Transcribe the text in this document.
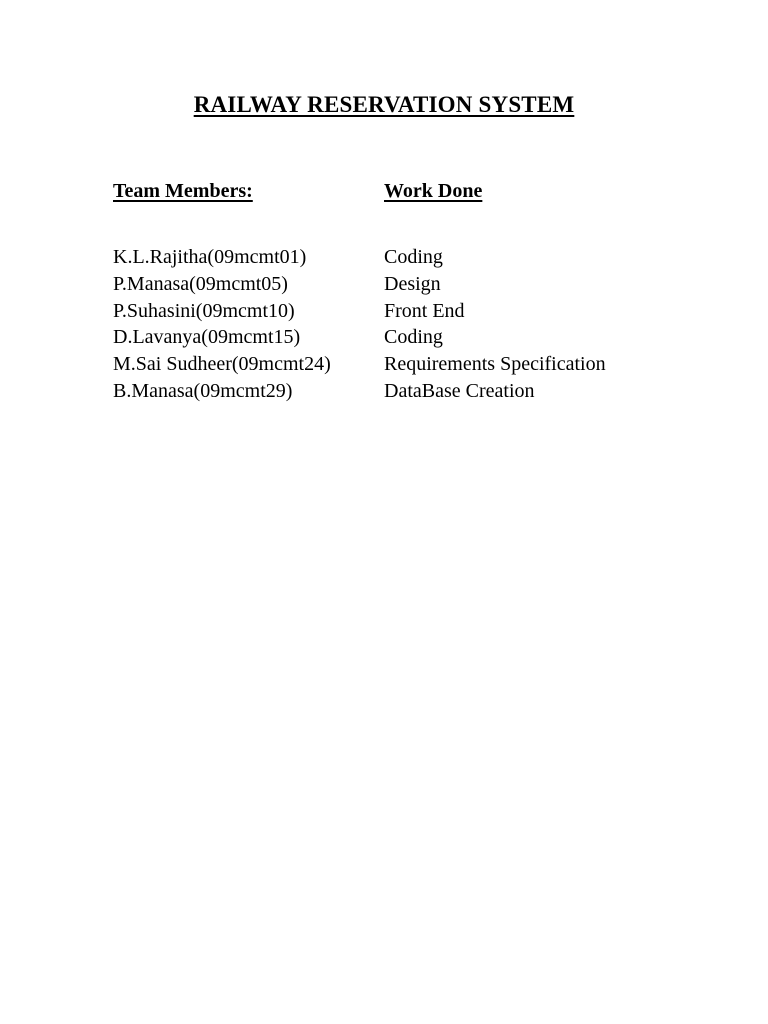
RAILWAY RESERVATION SYSTEM
Team Members:	Work Done
K.L.Rajitha(09mcmt01)	Coding
P.Manasa(09mcmt05)	Design
P.Suhasini(09mcmt10)	Front End
D.Lavanya(09mcmt15)	Coding
M.Sai Sudheer(09mcmt24)	Requirements Specification
B.Manasa(09mcmt29)	DataBase Creation
